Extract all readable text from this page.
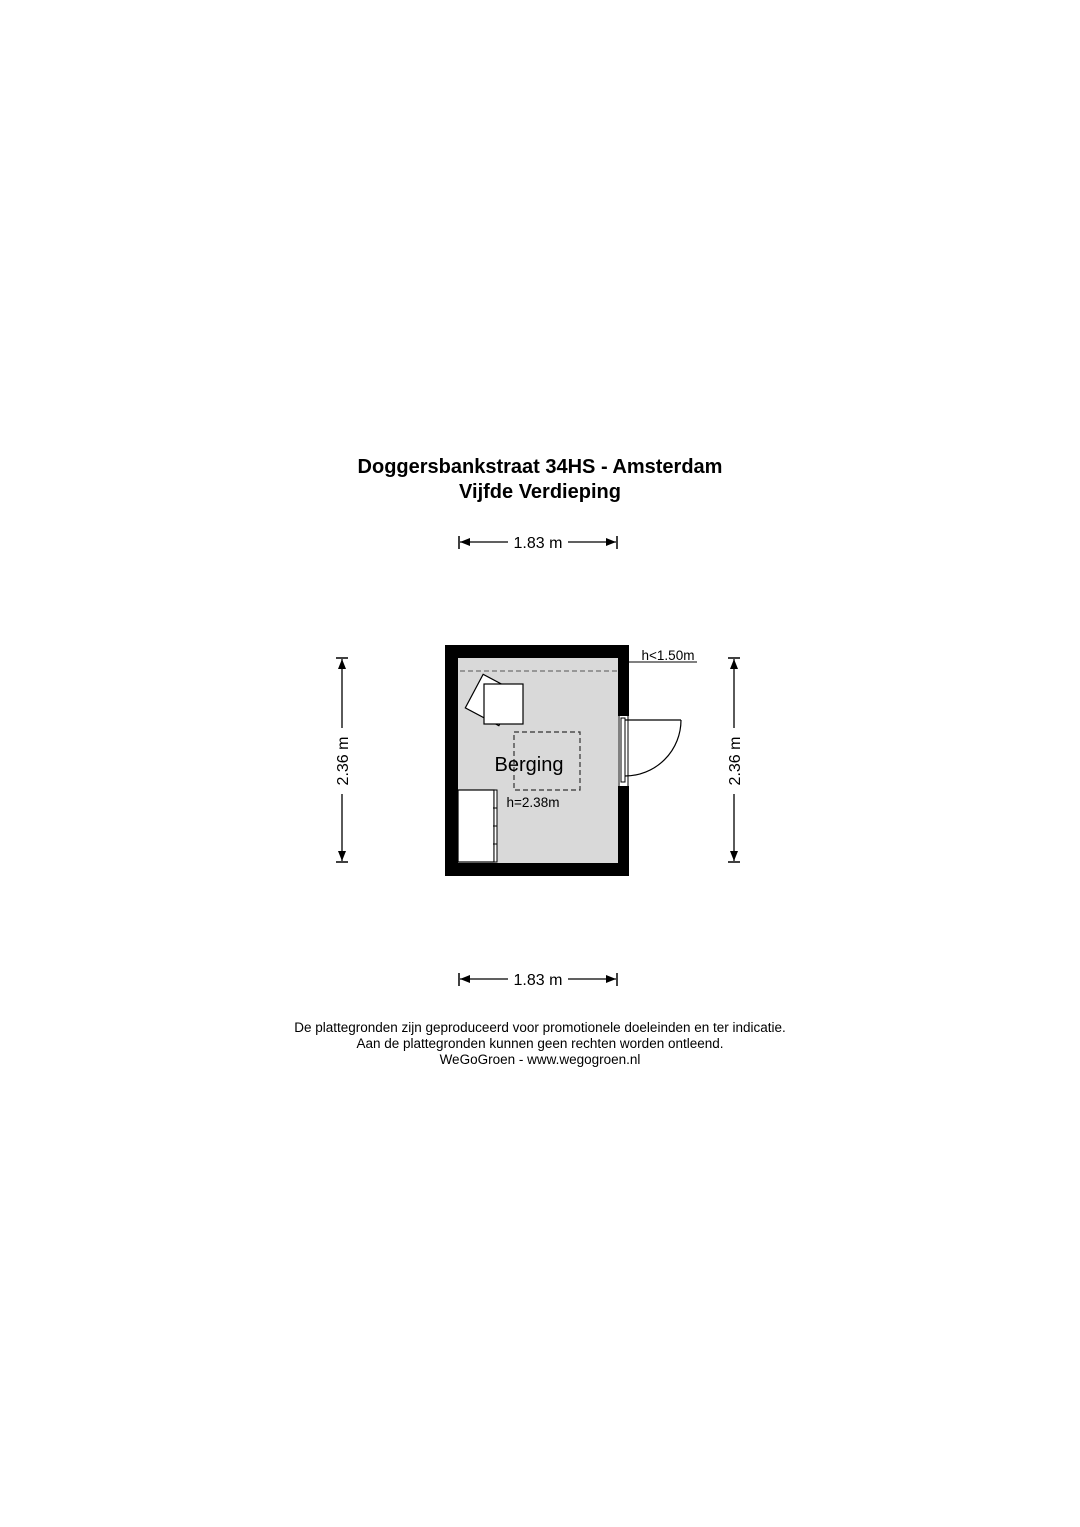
Doggersbankstraat 34HS - Amsterdam
Vijfde Verdieping
1.83 m
1.83 m
2.36 m	2.36 m
Berging
h=2.38m
h<1.50m
De plattegronden zijn geproduceerd voor promotionele doeleinden en ter indicatie.
Aan de plattegronden kunnen geen rechten worden ontleend.
WeGoGroen - www.wegogroen.nl
